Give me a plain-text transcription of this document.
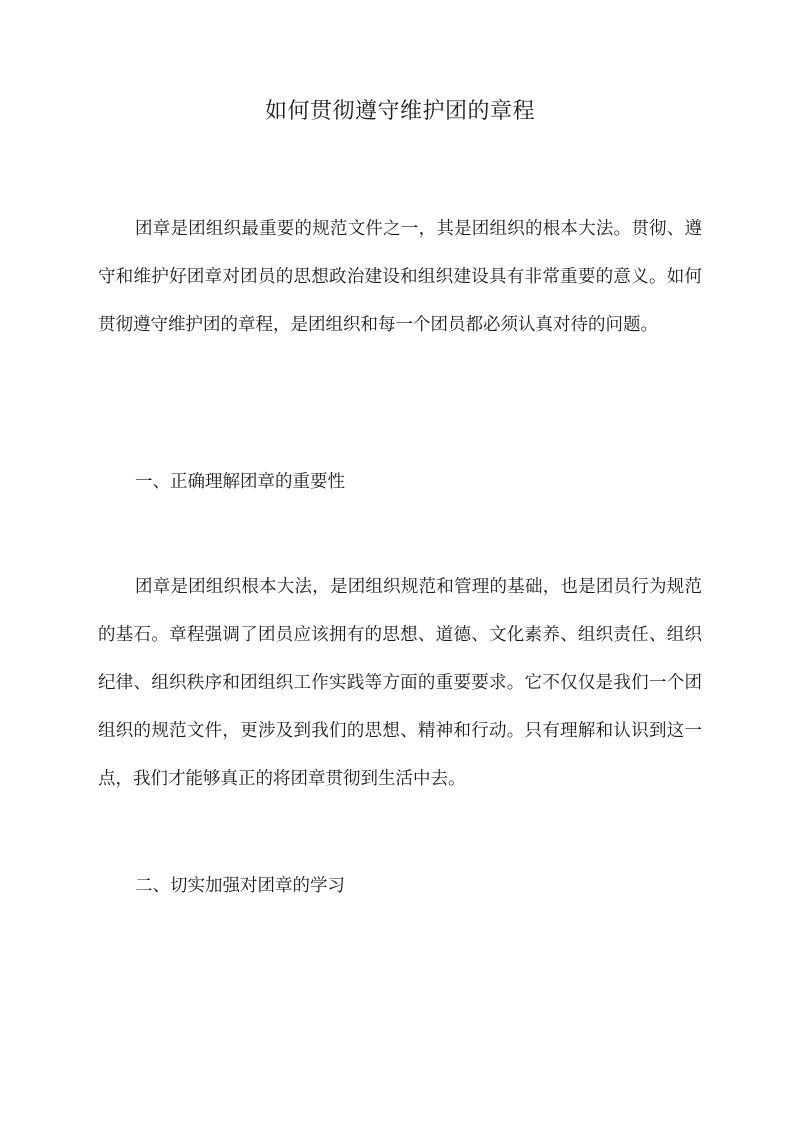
如何贯彻遵守维护团的章程

团章是团组织最重要的规范文件之一，其是团组织的根本大法。贯彻、遵守和维护好团章对团员的思想政治建设和组织建设具有非常重要的意义。如何贯彻遵守维护团的章程，是团组织和每一个团员都必须认真对待的问题。

一、正确理解团章的重要性

团章是团组织根本大法，是团组织规范和管理的基础，也是团员行为规范的基石。章程强调了团员应该拥有的思想、道德、文化素养、组织责任、组织纪律、组织秩序和团组织工作实践等方面的重要要求。它不仅仅是我们一个团组织的规范文件，更涉及到我们的思想、精神和行动。只有理解和认识到这一点，我们才能够真正的将团章贯彻到生活中去。

二、切实加强对团章的学习
